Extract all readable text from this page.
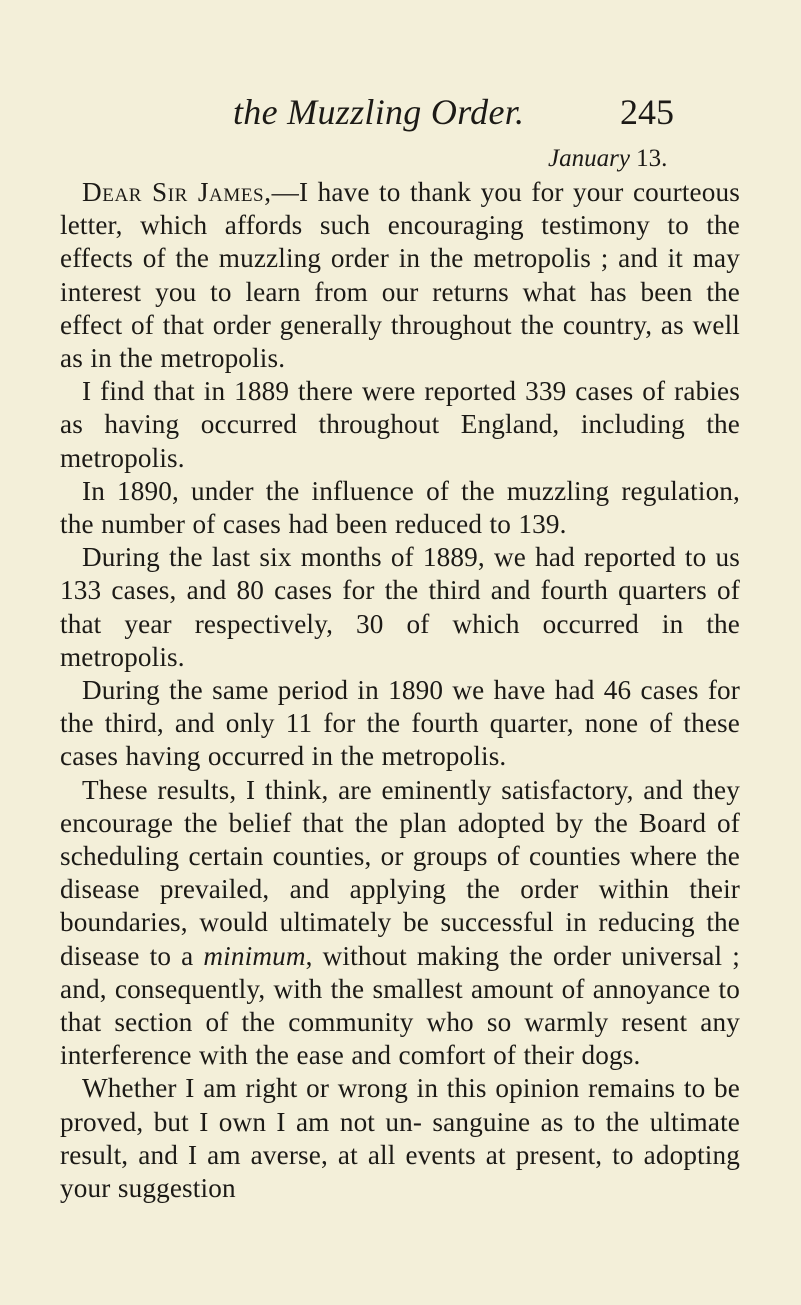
the Muzzling Order.	245
January 13.

Dear Sir James,—I have to thank you for your courteous letter, which affords such encouraging testimony to the effects of the muzzling order in the metropolis ; and it may interest you to learn from our returns what has been the effect of that order generally throughout the country, as well as in the metropolis.

I find that in 1889 there were reported 339 cases of rabies as having occurred throughout England, including the metropolis.

In 1890, under the influence of the muzzling regulation, the number of cases had been reduced to 139.

During the last six months of 1889, we had reported to us 133 cases, and 80 cases for the third and fourth quarters of that year respectively, 30 of which occurred in the metropolis.

During the same period in 1890 we have had 46 cases for the third, and only 11 for the fourth quarter, none of these cases having occurred in the metropolis.

These results, I think, are eminently satisfactory, and they encourage the belief that the plan adopted by the Board of scheduling certain counties, or groups of counties where the disease prevailed, and applying the order within their boundaries, would ultimately be successful in reducing the disease to a minimum, without making the order universal ; and, consequently, with the smallest amount of annoyance to that section of the community who so warmly resent any interference with the ease and comfort of their dogs.

Whether I am right or wrong in this opinion remains to be proved, but I own I am not un- sanguine as to the ultimate result, and I am averse, at all events at present, to adopting your suggestion
